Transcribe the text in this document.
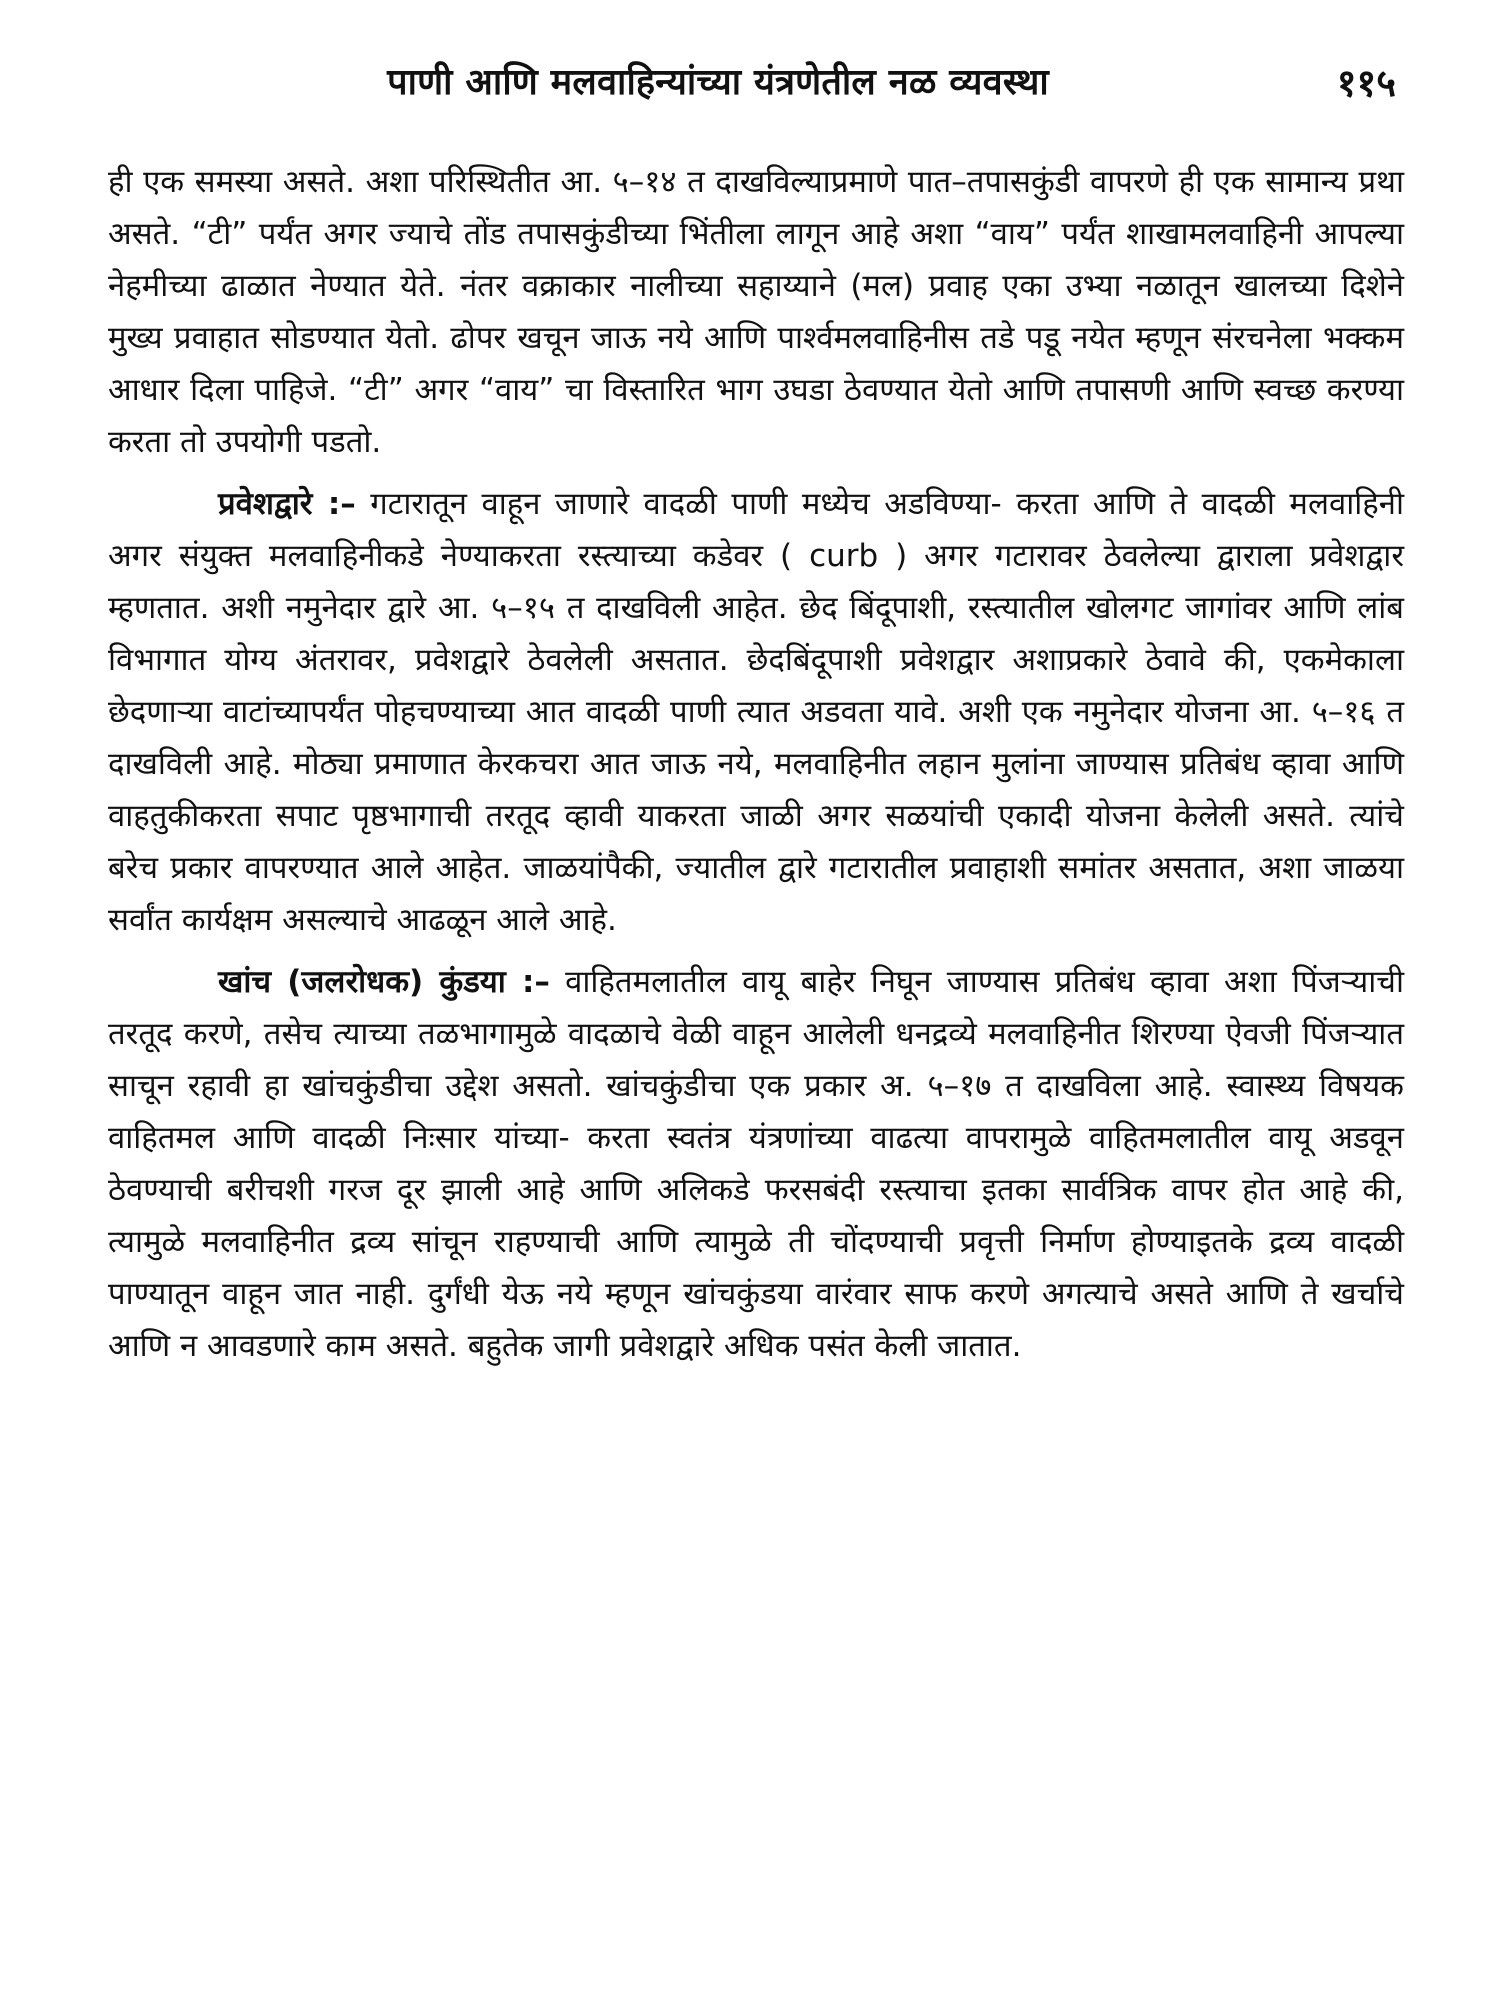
पाणी आणि मलवाहिन्यांच्या यंत्रणेतील नळ व्यवस्था	११५

ही एक समस्या असते. अशा परिस्थितीत आ. ५–१४ त दाखविल्याप्रमाणे पात–तपासकुंडी वापरणे ही एक सामान्य प्रथा असते. “टी” पर्यंत अगर ज्याचे तोंड तपासकुंडीच्या भिंतीला लागून आहे अशा “वाय” पर्यंत शाखामलवाहिनी आपल्या नेहमीच्या ढाळात नेण्यात येते. नंतर वक्राकार नालीच्या सहाय्याने (मल) प्रवाह एका उभ्या नळातून खालच्या दिशेने मुख्य प्रवाहात सोडण्यात येतो. ढोपर खचून जाऊ नये आणि पार्श्वमलवाहिनीस तडे पडू नयेत म्हणून संरचनेला भक्कम आधार दिला पाहिजे. “टी” अगर “वाय” चा विस्तारित भाग उघडा ठेवण्यात येतो आणि तपासणी आणि स्वच्छ करण्या करता तो उपयोगी पडतो.

प्रवेशद्वारे :– गटारातून वाहून जाणारे वादळी पाणी मध्येच अडविण्या- करता आणि ते वादळी मलवाहिनी अगर संयुक्त मलवाहिनीकडे नेण्याकरता रस्त्याच्या कडेवर ( curb ) अगर गटारावर ठेवलेल्या द्वाराला प्रवेशद्वार म्हणतात. अशी नमुनेदार द्वारे आ. ५–१५ त दाखविली आहेत. छेद बिंदूपाशी, रस्त्यातील खोलगट जागांवर आणि लांब विभागात योग्य अंतरावर, प्रवेशद्वारे ठेवलेली असतात. छेदबिंदूपाशी प्रवेशद्वार अशाप्रकारे ठेवावे की, एकमेकाला छेदणाऱ्या वाटांच्यापर्यंत पोहचण्याच्या आत वादळी पाणी त्यात अडवता यावे. अशी एक नमुनेदार योजना आ. ५–१६ त दाखविली आहे. मोठ्या प्रमाणात केरकचरा आत जाऊ नये, मलवाहिनीत लहान मुलांना जाण्यास प्रतिबंध व्हावा आणि वाहतुकीकरता सपाट पृष्ठभागाची तरतूद व्हावी याकरता जाळी अगर सळयांची एकादी योजना केलेली असते. त्यांचे बरेच प्रकार वापरण्यात आले आहेत. जाळयांपैकी, ज्यातील द्वारे गटारातील प्रवाहाशी समांतर असतात, अशा जाळया सर्वांत कार्यक्षम असल्याचे आढळून आले आहे.

खांच (जलरोधक) कुंडया :– वाहितमलातील वायू बाहेर निघून जाण्यास प्रतिबंध व्हावा अशा पिंजऱ्याची तरतूद करणे, तसेच त्याच्या तळभागामुळे वादळाचे वेळी वाहून आलेली धनद्रव्ये मलवाहिनीत शिरण्या ऐवजी पिंजऱ्यात साचून रहावी हा खांचकुंडीचा उद्देश असतो. खांचकुंडीचा एक प्रकार अ. ५–१७ त दाखविला आहे. स्वास्थ्य विषयक वाहितमल आणि वादळी निःसार यांच्या- करता स्वतंत्र यंत्रणांच्या वाढत्या वापरामुळे वाहितमलातील वायू अडवून ठेवण्याची बरीचशी गरज दूर झाली आहे आणि अलिकडे फरसबंदी रस्त्याचा इतका सार्वत्रिक वापर होत आहे की, त्यामुळे मलवाहिनीत द्रव्य सांचून राहण्याची आणि त्यामुळे ती चोंदण्याची प्रवृत्ती निर्माण होण्याइतके द्रव्य वादळी पाण्यातून वाहून जात नाही. दुर्गंधी येऊ नये म्हणून खांचकुंडया वारंवार साफ करणे अगत्याचे असते आणि ते खर्चाचे आणि न आवडणारे काम असते. बहुतेक जागी प्रवेशद्वारे अधिक पसंत केली जातात.
